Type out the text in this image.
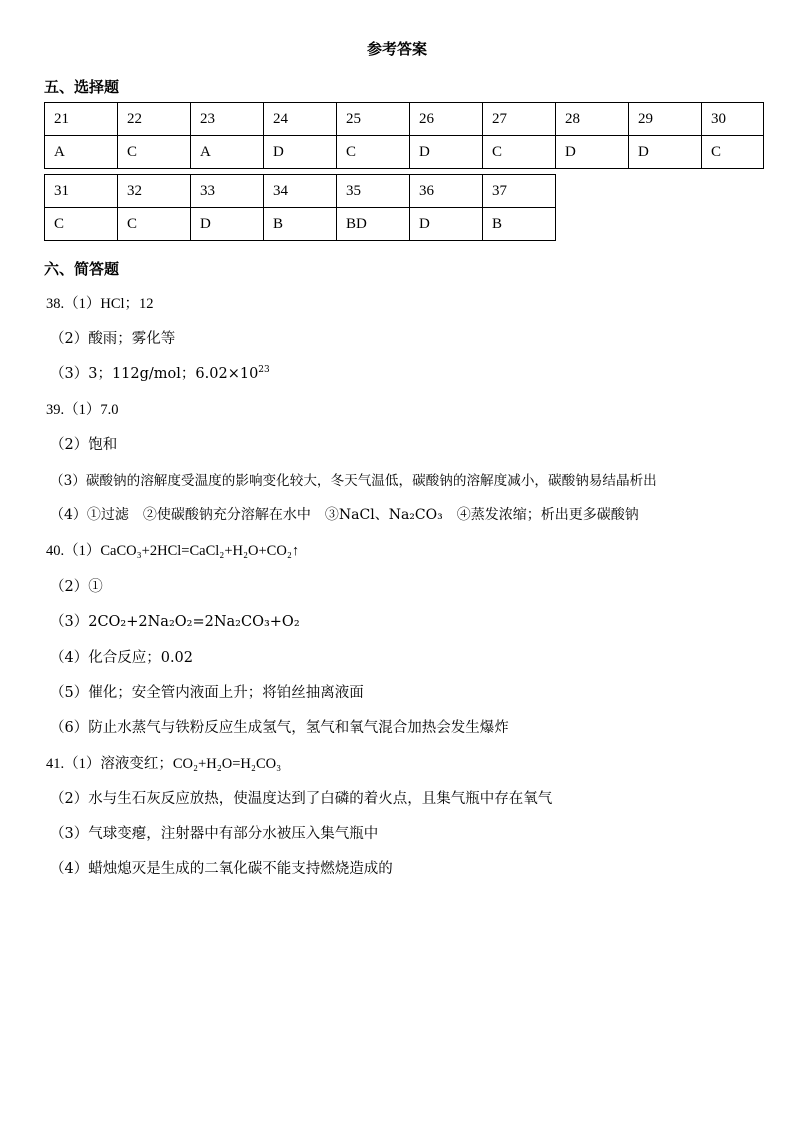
参考答案
五、选择题
21	22	23	24	25	26	27	28	29	30
A	C	A	D	C	D	C	D	D	C
31	32	33	34	35	36	37
C	C	D	B	BD	D	B
六、简答题
38.（1）HCl；12
（2）酸雨；雾化等
（3）3；112g/mol；$6.02\times 10^{23}$
39.（1）7.0
（2）饱和
（3）碳酸钠的溶解度受温度的影响变化较大，冬天气温低，碳酸钠的溶解度减小，碳酸钠易结晶析出
（4）①过滤　②使碳酸钠充分溶解在水中　③NaCl、Na₂CO₃　④蒸发浓缩；析出更多碳酸钠
40.（1）CaCO₃+2HCl=CaCl₂+H₂O+CO₂↑
（2）①
（3）2CO₂+2Na₂O₂=2Na₂CO₃+O₂
（4）化合反应；0.02
（5）催化；安全管内液面上升；将铂丝抽离液面
（6）防止水蒸气与铁粉反应生成氢气，氢气和氧气混合加热会发生爆炸
41.（1）溶液变红；CO₂+H₂O=H₂CO₃
（2）水与生石灰反应放热，使温度达到了白磷的着火点，且集气瓶中存在氧气
（3）气球变瘪，注射器中有部分水被压入集气瓶中
（4）蜡烛熄灭是生成的二氧化碳不能支持燃烧造成的
